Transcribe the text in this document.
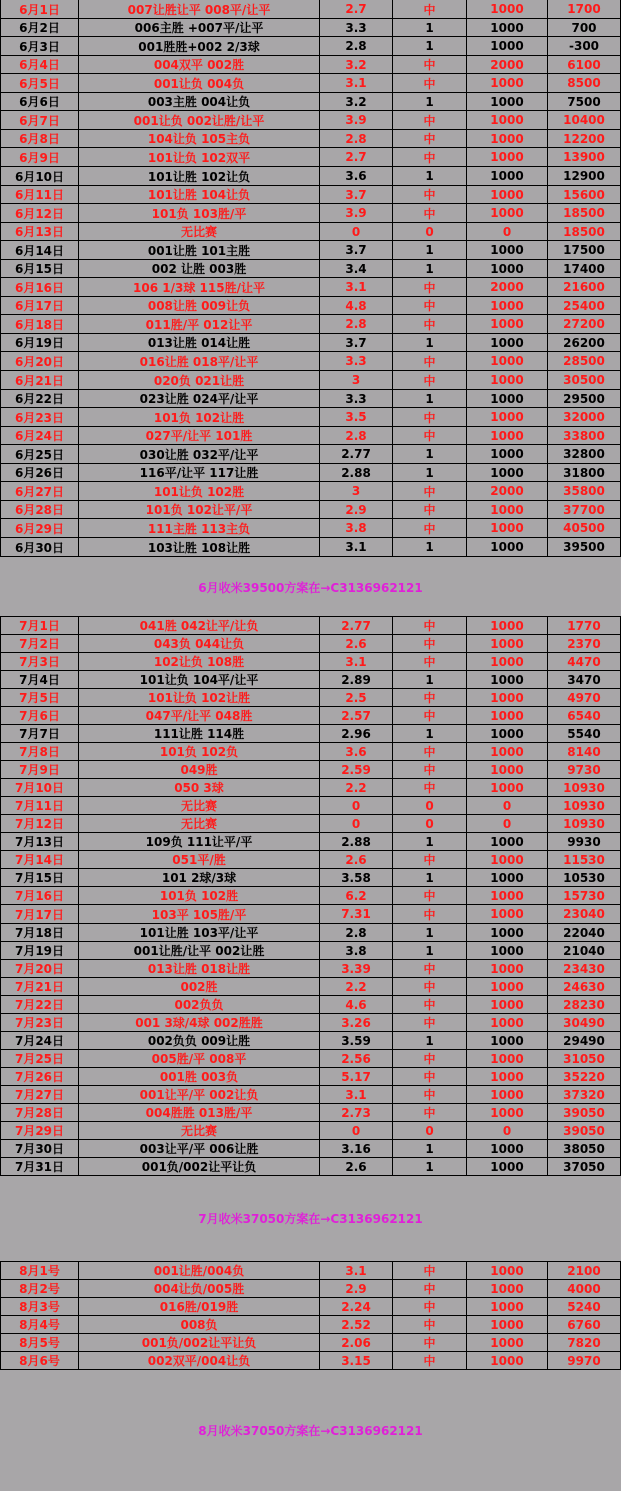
6月1日	007让胜让平 008平/让平	2.7	中	1000	1700
6月2日	006主胜 +007平/让平	3.3	1	1000	700
6月3日	001胜胜+002 2/3球	2.8	1	1000	-300
6月4日	004双平 002胜	3.2	中	2000	6100
6月5日	001让负 004负	3.1	中	1000	8500
6月6日	003主胜 004让负	3.2	1	1000	7500
6月7日	001让负 002让胜/让平	3.9	中	1000	10400
6月8日	104让负 105主负	2.8	中	1000	12200
6月9日	101让负 102双平	2.7	中	1000	13900
6月10日	101让胜 102让负	3.6	1	1000	12900
6月11日	101让胜 104让负	3.7	中	1000	15600
6月12日	101负 103胜/平	3.9	中	1000	18500
6月13日	无比赛	0	0	0	18500
6月14日	001让胜 101主胜	3.7	1	1000	17500
6月15日	002 让胜 003胜	3.4	1	1000	17400
6月16日	106 1/3球 115胜/让平	3.1	中	2000	21600
6月17日	008让胜 009让负	4.8	中	1000	25400
6月18日	011胜/平 012让平	2.8	中	1000	27200
6月19日	013让胜 014让胜	3.7	1	1000	26200
6月20日	016让胜 018平/让平	3.3	中	1000	28500
6月21日	020负 021让胜	3	中	1000	30500
6月22日	023让胜 024平/让平	3.3	1	1000	29500
6月23日	101负 102让胜	3.5	中	1000	32000
6月24日	027平/让平 101胜	2.8	中	1000	33800
6月25日	030让胜 032平/让平	2.77	1	1000	32800
6月26日	116平/让平 117让胜	2.88	1	1000	31800
6月27日	101让负 102胜	3	中	2000	35800
6月28日	101负 102让平/平	2.9	中	1000	37700
6月29日	111主胜 113主负	3.8	中	1000	40500
6月30日	103让胜 108让胜	3.1	1	1000	39500
6月收米39500方案在→C3136962121
7月1日	041胜 042让平/让负	2.77	中	1000	1770
7月2日	043负 044让负	2.6	中	1000	2370
7月3日	102让负 108胜	3.1	中	1000	4470
7月4日	101让负 104平/让平	2.89	1	1000	3470
7月5日	101让负 102让胜	2.5	中	1000	4970
7月6日	047平/让平 048胜	2.57	中	1000	6540
7月7日	111让胜 114胜	2.96	1	1000	5540
7月8日	101负 102负	3.6	中	1000	8140
7月9日	049胜	2.59	中	1000	9730
7月10日	050 3球	2.2	中	1000	10930
7月11日	无比赛	0	0	0	10930
7月12日	无比赛	0	0	0	10930
7月13日	109负 111让平/平	2.88	1	1000	9930
7月14日	051平/胜	2.6	中	1000	11530
7月15日	101 2球/3球	3.58	1	1000	10530
7月16日	101负 102胜	6.2	中	1000	15730
7月17日	103平 105胜/平	7.31	中	1000	23040
7月18日	101让胜 103平/让平	2.8	1	1000	22040
7月19日	001让胜/让平 002让胜	3.8	1	1000	21040
7月20日	013让胜 018让胜	3.39	中	1000	23430
7月21日	002胜	2.2	中	1000	24630
7月22日	002负负	4.6	中	1000	28230
7月23日	001 3球/4球 002胜胜	3.26	中	1000	30490
7月24日	002负负 009让胜	3.59	1	1000	29490
7月25日	005胜/平 008平	2.56	中	1000	31050
7月26日	001胜 003负	5.17	中	1000	35220
7月27日	001让平/平 002让负	3.1	中	1000	37320
7月28日	004胜胜 013胜/平	2.73	中	1000	39050
7月29日	无比赛	0	0	0	39050
7月30日	003让平/平 006让胜	3.16	1	1000	38050
7月31日	001负/002让平让负	2.6	1	1000	37050
7月收米37050方案在→C3136962121
8月1号	001让胜/004负	3.1	中	1000	2100
8月2号	004让负/005胜	2.9	中	1000	4000
8月3号	016胜/019胜	2.24	中	1000	5240
8月4号	008负	2.52	中	1000	6760
8月5号	001负/002让平让负	2.06	中	1000	7820
8月6号	002双平/004让负	3.15	中	1000	9970
8月收米37050方案在→C3136962121
